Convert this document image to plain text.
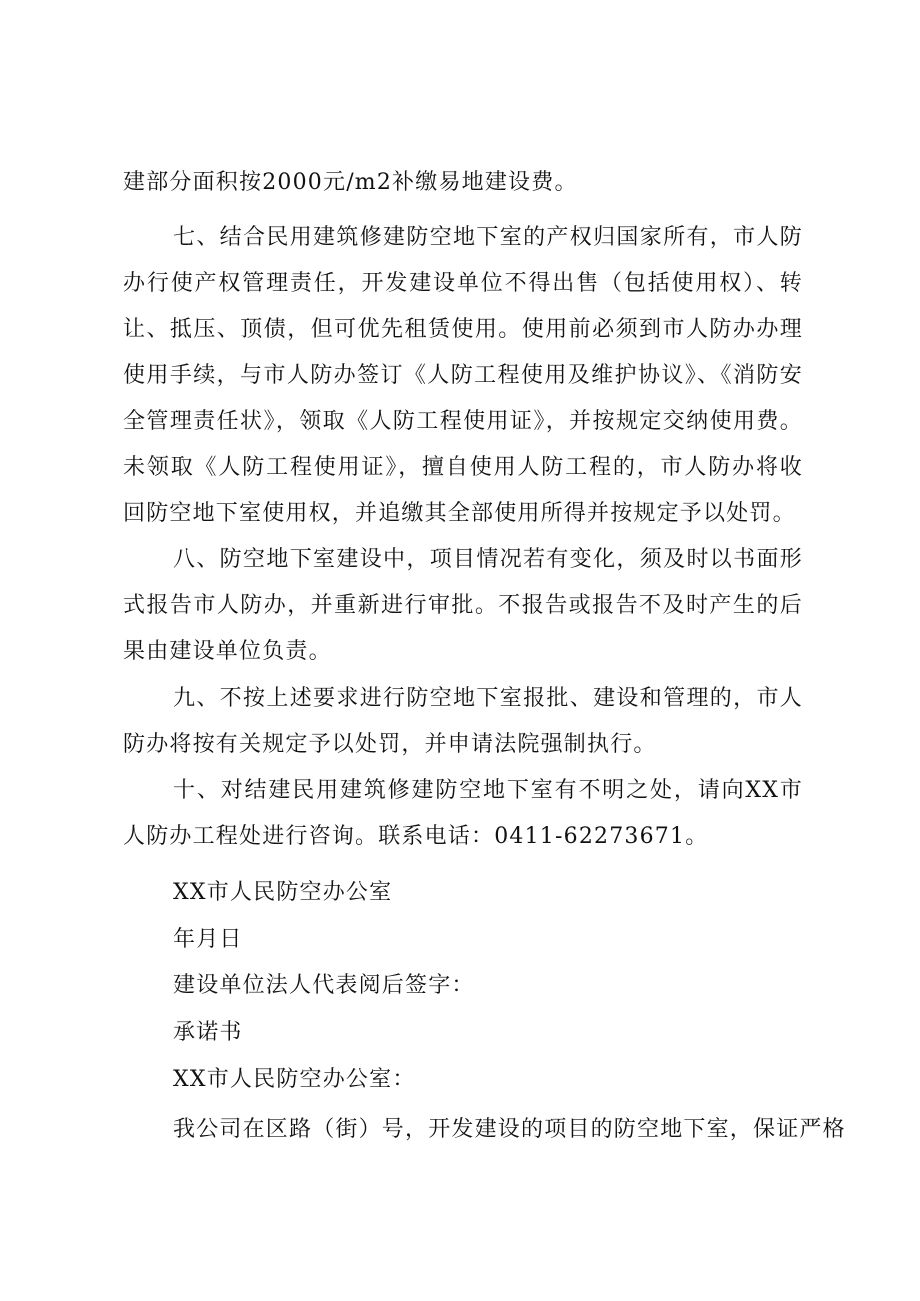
建部分面积按2000元/m2补缴易地建设费。

七、结合民用建筑修建防空地下室的产权归国家所有，市人防办行使产权管理责任，开发建设单位不得出售（包括使用权）、转让、抵压、顶债，但可优先租赁使用。使用前必须到市人防办办理使用手续，与市人防办签订《人防工程使用及维护协议》、《消防安全管理责任状》，领取《人防工程使用证》，并按规定交纳使用费。未领取《人防工程使用证》，擅自使用人防工程的，市人防办将收回防空地下室使用权，并追缴其全部使用所得并按规定予以处罚。

八、防空地下室建设中，项目情况若有变化，须及时以书面形式报告市人防办，并重新进行审批。不报告或报告不及时产生的后果由建设单位负责。

九、不按上述要求进行防空地下室报批、建设和管理的，市人防办将按有关规定予以处罚，并申请法院强制执行。

十、对结建民用建筑修建防空地下室有不明之处，请向XX市人防办工程处进行咨询。联系电话：0411-62273671。

XX市人民防空办公室

年月日

建设单位法人代表阅后签字：

承诺书

XX市人民防空办公室：

我公司在区路（街）号，开发建设的项目的防空地下室，保证严格
